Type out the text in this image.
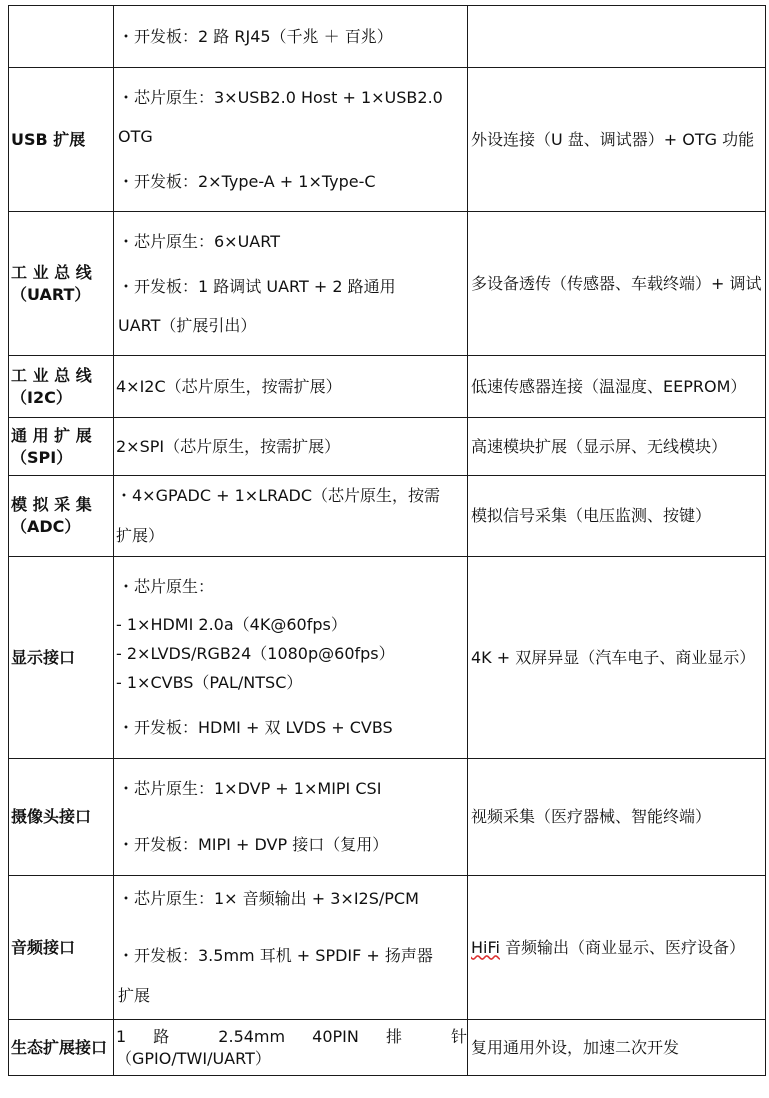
	・开发板：2 路 RJ45（千兆 ＋ 百兆）	

USB 扩展	・芯片原生：3×USB2.0 Host + 1×USB2.0

OTG

・开发板：2×Type-A + 1×Type-C	外设连接（U 盘、调试器）+ OTG 功能
工 业 总 线（UART）	・芯片原生：6×UART

・开发板：1 路调试 UART + 2 路通用

UART（扩展引出）	多设备透传（传感器、车载终端）+ 调试
工 业 总 线（I2C）	4×I2C（芯片原生，按需扩展）	低速传感器连接（温湿度、EEPROM）
通 用 扩 展（SPI）	2×SPI（芯片原生，按需扩展）	高速模块扩展（显示屏、无线模块）
模 拟 采 集（ADC）	・4×GPADC + 1×LRADC（芯片原生，按需

扩展）	模拟信号采集（电压监测、按键）
显示接口	・芯片原生：

- 1×HDMI 2.0a（4K@60fps）

- 2×LVDS/RGB24（1080p@60fps）

- 1×CVBS（PAL/NTSC）

・开发板：HDMI + 双 LVDS + CVBS	4K + 双屏异显（汽车电子、商业显示）
摄像头接口	・芯片原生：1×DVP + 1×MIPI CSI

・开发板：MIPI + DVP 接口（复用）	视频采集（医疗器械、智能终端）
音频接口	・芯片原生：1× 音频输出 + 3×I2S/PCM

・开发板：3.5mm 耳机 + SPDIF + 扬声器

扩展	HiFi 音频输出（商业显示、医疗设备）
生态扩展接口	1 路 2.54mm 40PIN 排 针

（GPIO/TWI/UART）	复用通用外设，加速二次开发
